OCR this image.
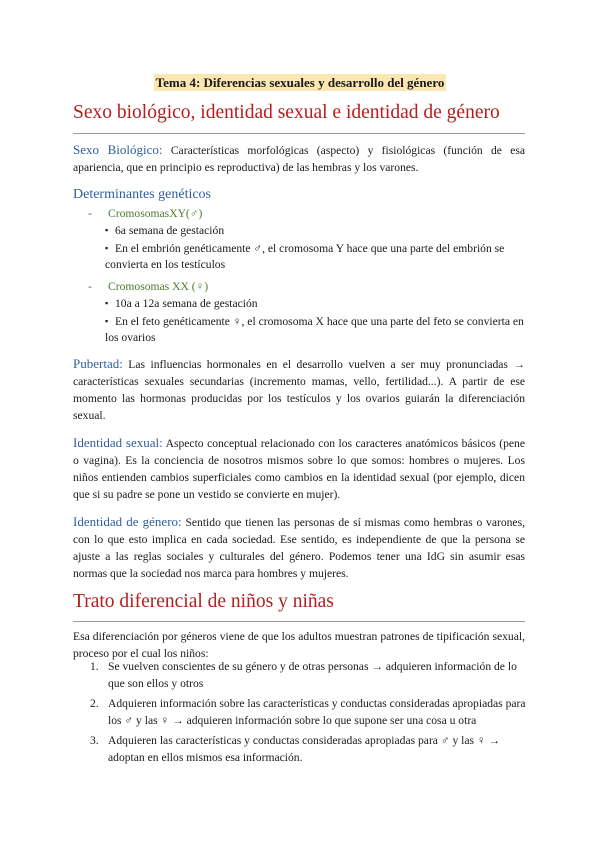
Tema 4: Diferencias sexuales y desarrollo del género
Sexo biológico, identidad sexual e identidad de género
Sexo Biológico: Características morfológicas (aspecto) y fisiológicas (función de esa apariencia, que en principio es reproductiva) de las hembras y los varones.
Determinantes genéticos
- CromosomasXY(♂)
▪ 6a semana de gestación
▪ En el embrión genéticamente ♂, el cromosoma Y hace que una parte del embrión se convierta en los testículos
- Cromosomas XX (♀)
▪ 10a a 12a semana de gestación
▪ En el feto genéticamente ♀, el cromosoma X hace que una parte del feto se convierta en los ovarios
Pubertad: Las influencias hormonales en el desarrollo vuelven a ser muy pronunciadas → características sexuales secundarias (incremento mamas, vello, fertilidad...). A partir de ese momento las hormonas producidas por los testículos y los ovarios guiarán la diferenciación sexual.
Identidad sexual: Aspecto conceptual relacionado con los caracteres anatómicos básicos (pene o vagina). Es la conciencia de nosotros mismos sobre lo que somos: hombres o mujeres. Los niños entienden cambios superficiales como cambios en la identidad sexual (por ejemplo, dicen que si su padre se pone un vestido se convierte en mujer).
Identidad de género: Sentido que tienen las personas de sí mismas como hembras o varones, con lo que esto implica en cada sociedad. Ese sentido, es independiente de que la persona se ajuste a las reglas sociales y culturales del género. Podemos tener una IdG sin asumir esas normas que la sociedad nos marca para hombres y mujeres.
Trato diferencial de niños y niñas
Esa diferenciación por géneros viene de que los adultos muestran patrones de tipificación sexual, proceso por el cual los niños:
1. Se vuelven conscientes de su género y de otras personas → adquieren información de lo que son ellos y otros
2. Adquieren información sobre las características y conductas consideradas apropiadas para los ♂ y las ♀ → adquieren información sobre lo que supone ser una cosa u otra
3. Adquieren las características y conductas consideradas apropiadas para ♂ y las ♀ → adoptan en ellos mismos esa información.
